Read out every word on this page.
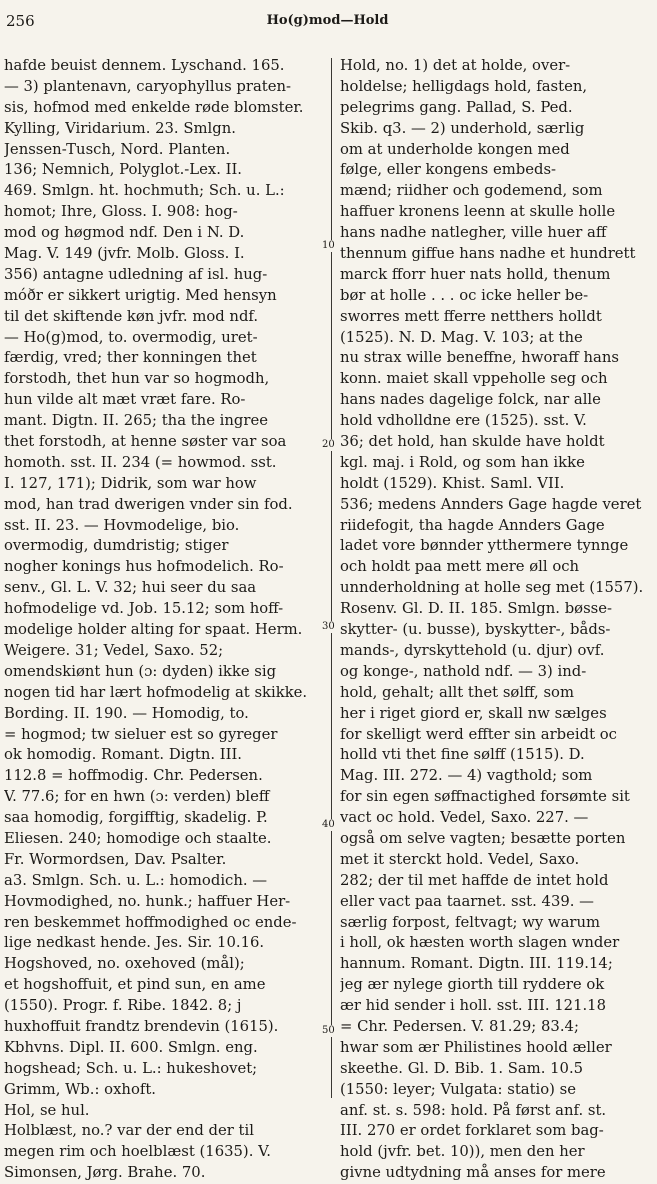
256	Ho(g)mod—Hold
hafde beuist dennem. Lyschand. 165.
— 3) plantenavn, caryophyllus praten-
sis, hofmod med enkelde røde blomster.
Kylling, Viridarium. 23. Smlgn.
Jenssen-Tusch, Nord. Planten.
136; Nemnich, Polyglot.-Lex. II.
469. Smlgn. ht. hochmuth; Sch. u. L.:
homot; Ihre, Gloss. I. 908: hog-
mod og høgmod ndf. Den i N. D.
Mag. V. 149 (jvfr. Molb. Gloss. I.
356) antagne udledning af isl. hug-
móðr er sikkert urigtig. Med hensyn
til det skiftende køn jvfr. mod ndf.
— Ho(g)mod, to. overmodig, uret-
færdig, vred; ther konningen thet
forstodh, thet hun var so hogmodh,
hun vilde alt mæt vræt fare. Ro-
mant. Digtn. II. 265; tha the ingree
thet forstodh, at henne søster var soa
homoth. sst. II. 234 (= howmod. sst.
I. 127, 171); Didrik, som war how
mod, han trad dwerigen vnder sin fod.
sst. II. 23. — Hovmodelige, bio.
overmodig, dumdristig; stiger
nogher konings hus hofmodelich. Ro-
senv., Gl. L. V. 32; hui seer du saa
hofmodelige vd. Job. 15.12; som hoff-
modelige holder alting for spaat. Herm.
Weigere. 31; Vedel, Saxo. 52;
omendskiønt hun (ɔ: dyden) ikke sig
nogen tid har lært hofmodelig at skikke.
Bording. II. 190. — Homodig, to.
= hogmod; tw sieluer est so gyreger
ok homodig. Romant. Digtn. III.
112.8 = hoffmodig. Chr. Pedersen.
V. 77.6; for en hwn (ɔ: verden) bleff
saa homodig, forgifftig, skadelig. P.
Eliesen. 240; homodige och staalte.
Fr. Wormordsen, Dav. Psalter.
a3. Smlgn. Sch. u. L.: homodich. —
Hovmodighed, no. hunk.; haffuer Her-
ren beskemmet hoffmodighed oc ende-
lige nedkast hende. Jes. Sir. 10.16.
Hogshoved, no. oxehoved (mål);
et hogshoffuit, et pind sun, en ame
(1550). Progr. f. Ribe. 1842. 8; j
huxhoffuit frandtz brendevin (1615).
Kbhvns. Dipl. II. 600. Smlgn. eng.
hogshead; Sch. u. L.: hukeshovet;
Grimm, Wb.: oxhoft.
Hol, se hul.
Holblæst, no.? var der end der til
megen rim och hoelblæst (1635). V.
Simonsen, Jørg. Brahe. 70.
Hold, no. 1) det at holde, over-
holdelse; helligdags hold, fasten,
pelegrims gang. Pallad, S. Ped.
Skib. q3. — 2) underhold, særlig
om at underholde kongen med
følge, eller kongens embeds-
mænd; riidher och godemend, som
haffuer kronens leenn at skulle holle
hans nadhe natlegher, ville huer aff
thennum giffue hans nadhe et hundrett
marck fforr huer nats holld, thenum
bør at holle . . . oc icke heller be-
sworres mett fferre netthers holldt
(1525). N. D. Mag. V. 103; at the
nu strax wille beneffne, hworaff hans
konn. maiet skall vppeholle seg och
hans nades dagelige folck, nar alle
hold vdholldne ere (1525). sst. V.
36; det hold, han skulde have holdt
kgl. maj. i Rold, og som han ikke
holdt (1529). Khist. Saml. VII.
536; medens Annders Gage hagde veret
riidefogit, tha hagde Annders Gage
ladet vore bønnder ytthermere tynnge
och holdt paa mett mere øll och
unnderholdning at holle seg met (1557).
Rosenv. Gl. D. II. 185. Smlgn. bøsse-
skytter- (u. busse), byskytter-, båds-
mands-, dyrskyttehold (u. djur) ovf.
og konge-, nathold ndf. — 3) ind-
hold, gehalt; allt thet sølff, som
her i riget giord er, skall nw sælges
for skelligt werd effter sin arbeidt oc
holld vti thet fine sølff (1515). D.
Mag. III. 272. — 4) vagthold; som
for sin egen søffnactighed forsømte sit
vact oc hold. Vedel, Saxo. 227. —
også om selve vagten; besætte porten
met it sterckt hold. Vedel, Saxo.
282; der til met haffde de intet hold
eller vact paa taarnet. sst. 439. —
særlig forpost, feltvagt; wy warum
i holl, ok hæsten worth slagen wnder
hannum. Romant. Digtn. III. 119.14;
jeg ær nylege giorth till ryddere ok
ær hid sender i holl. sst. III. 121.18
= Chr. Pedersen. V. 81.29; 83.4;
hwar som ær Philistines hoold æller
skeethe. Gl. D. Bib. 1. Sam. 10.5
(1550: leyer; Vulgata: statio) se
anf. st. s. 598: hold. På først anf. st.
III. 270 er ordet forklaret som bag-
hold (jvfr. bet. 10)), men den her
givne udtydning må anses for mere
10
20
30
40
50
